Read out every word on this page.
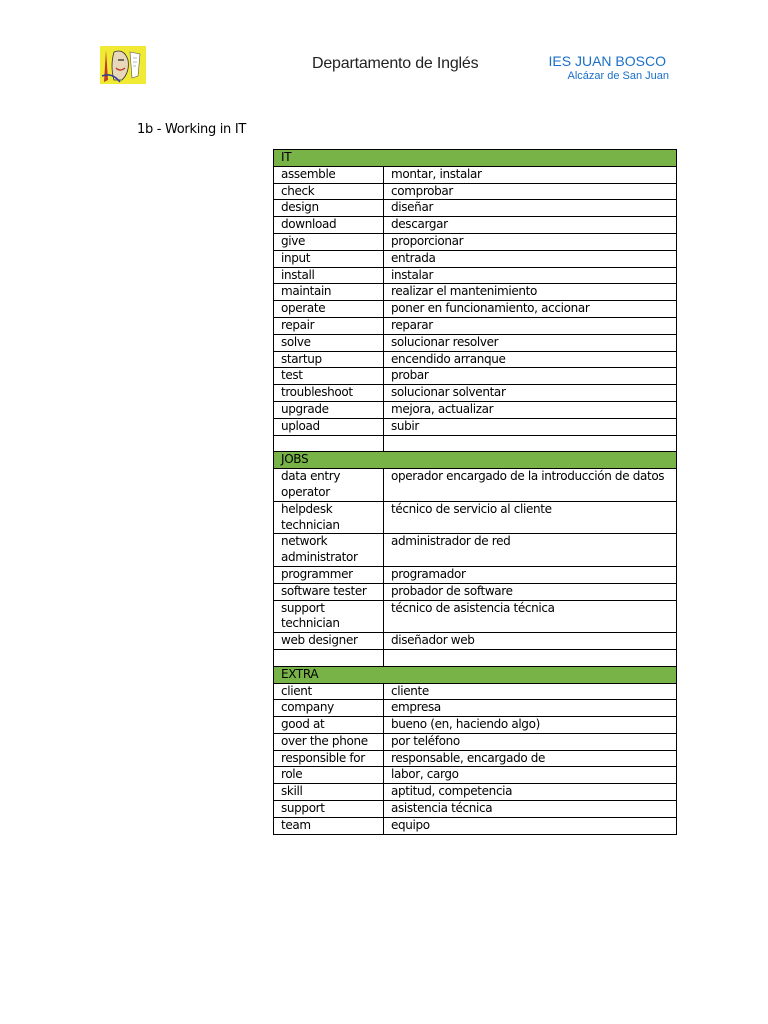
Departamento de Inglés	IES JUAN BOSCO
Alcázar de San Juan
1b - Working in IT
IT	
assemble	montar, instalar
check	comprobar
design	diseñar
download	descargar
give	proporcionar
input	entrada
install	instalar
maintain	realizar el mantenimiento
operate	poner en funcionamiento, accionar
repair	reparar
solve	solucionar resolver
startup	encendido arranque
test	probar
troubleshoot	solucionar solventar
upgrade	mejora, actualizar
upload	subir

JOBS	
data entry operator	operador encargado de la introducción de datos
helpdesk technician	técnico de servicio al cliente
network administrator	administrador de red
programmer	programador
software tester	probador de software
support technician	técnico de asistencia técnica
web designer	diseñador web

EXTRA	
client	cliente
company	empresa
good at	bueno (en, haciendo algo)
over the phone	por teléfono
responsible for	responsable, encargado de
role	labor, cargo
skill	aptitud, competencia
support	asistencia técnica
team	equipo
